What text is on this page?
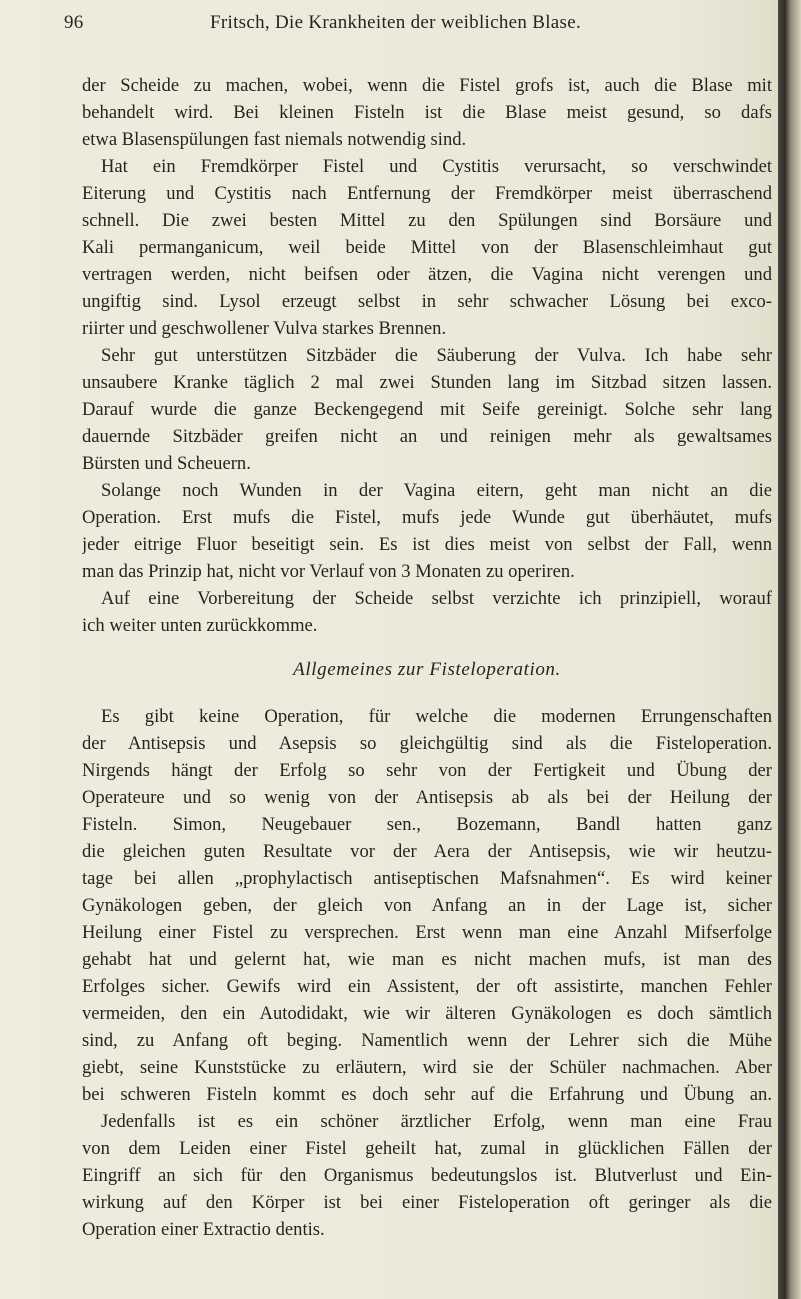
96	Fritsch, Die Krankheiten der weiblichen Blase.
der Scheide zu machen, wobei, wenn die Fistel grofs ist, auch die Blase mit
behandelt wird. Bei kleinen Fisteln ist die Blase meist gesund, so dafs
etwa Blasenspülungen fast niemals notwendig sind.
Hat ein Fremdkörper Fistel und Cystitis verursacht, so verschwindet
Eiterung und Cystitis nach Entfernung der Fremdkörper meist überraschend
schnell. Die zwei besten Mittel zu den Spülungen sind Borsäure und
Kali permanganicum, weil beide Mittel von der Blasenschleimhaut gut
vertragen werden, nicht beifsen oder ätzen, die Vagina nicht verengen und
ungiftig sind. Lysol erzeugt selbst in sehr schwacher Lösung bei exco-
riirter und geschwollener Vulva starkes Brennen.
Sehr gut unterstützen Sitzbäder die Säuberung der Vulva. Ich habe sehr
unsaubere Kranke täglich 2 mal zwei Stunden lang im Sitzbad sitzen lassen.
Darauf wurde die ganze Beckengegend mit Seife gereinigt. Solche sehr lang
dauernde Sitzbäder greifen nicht an und reinigen mehr als gewaltsames
Bürsten und Scheuern.
Solange noch Wunden in der Vagina eitern, geht man nicht an die
Operation. Erst mufs die Fistel, mufs jede Wunde gut überhäutet, mufs
jeder eitrige Fluor beseitigt sein. Es ist dies meist von selbst der Fall, wenn
man das Prinzip hat, nicht vor Verlauf von 3 Monaten zu operiren.
Auf eine Vorbereitung der Scheide selbst verzichte ich prinzipiell, worauf
ich weiter unten zurückkomme.
Allgemeines zur Fisteloperation.
Es gibt keine Operation, für welche die modernen Errungenschaften
der Antisepsis und Asepsis so gleichgültig sind als die Fisteloperation.
Nirgends hängt der Erfolg so sehr von der Fertigkeit und Übung der
Operateure und so wenig von der Antisepsis ab als bei der Heilung der
Fisteln. Simon, Neugebauer sen., Bozemann, Bandl hatten ganz
die gleichen guten Resultate vor der Aera der Antisepsis, wie wir heutzu-
tage bei allen „prophylactisch antiseptischen Mafsnahmen“. Es wird keiner
Gynäkologen geben, der gleich von Anfang an in der Lage ist, sicher
Heilung einer Fistel zu versprechen. Erst wenn man eine Anzahl Mifserfolge
gehabt hat und gelernt hat, wie man es nicht machen mufs, ist man des
Erfolges sicher. Gewifs wird ein Assistent, der oft assistirte, manchen Fehler
vermeiden, den ein Autodidakt, wie wir älteren Gynäkologen es doch sämtlich
sind, zu Anfang oft beging. Namentlich wenn der Lehrer sich die Mühe
giebt, seine Kunststücke zu erläutern, wird sie der Schüler nachmachen. Aber
bei schweren Fisteln kommt es doch sehr auf die Erfahrung und Übung an.
Jedenfalls ist es ein schöner ärztlicher Erfolg, wenn man eine Frau
von dem Leiden einer Fistel geheilt hat, zumal in glücklichen Fällen der
Eingriff an sich für den Organismus bedeutungslos ist. Blutverlust und Ein-
wirkung auf den Körper ist bei einer Fisteloperation oft geringer als die
Operation einer Extractio dentis.
